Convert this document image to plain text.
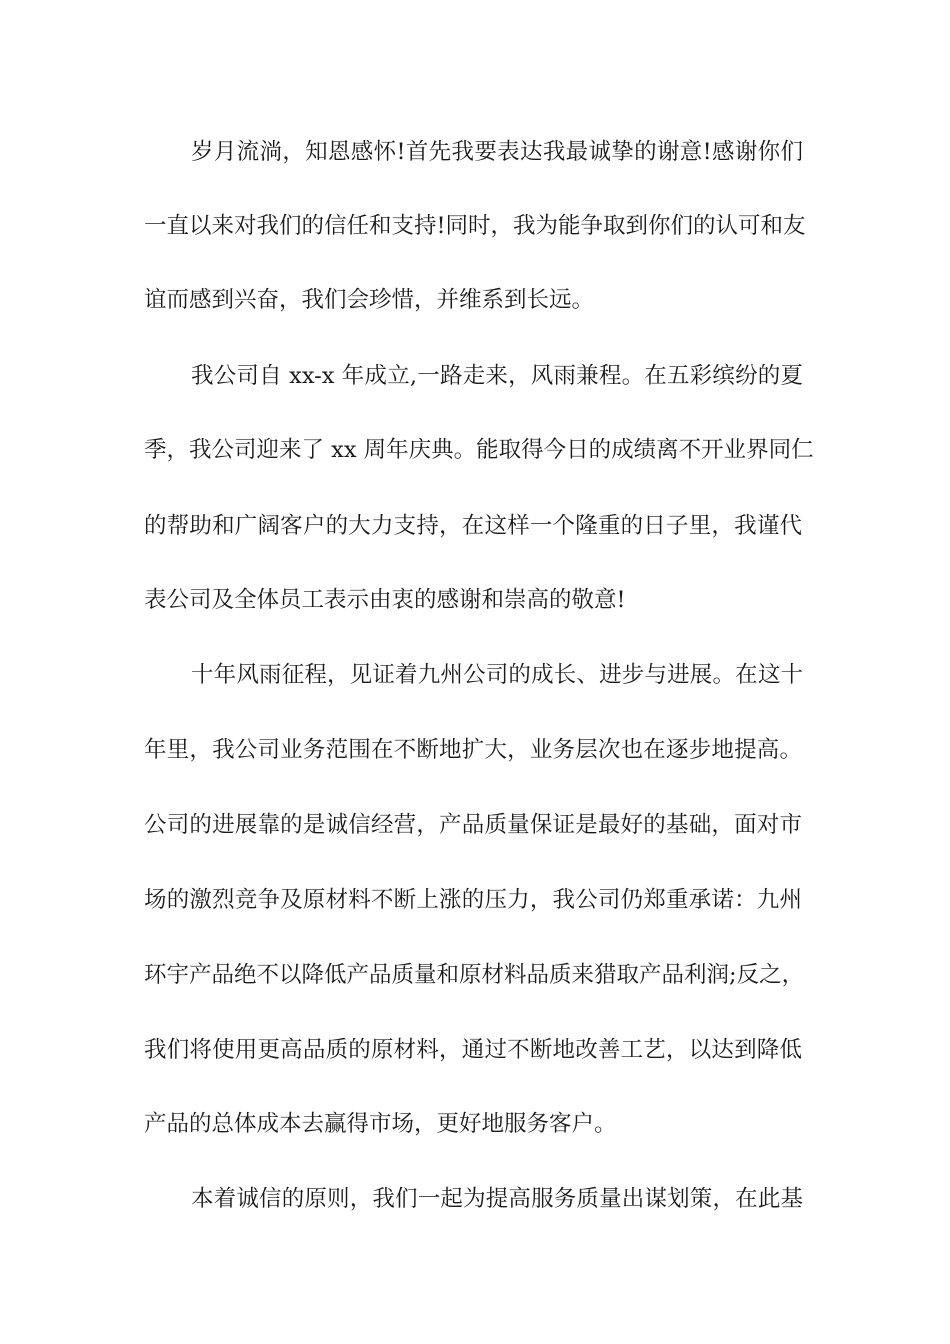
岁月流淌，知恩感怀!首先我要表达我最诚挚的谢意!感谢你们
一直以来对我们的信任和支持!同时，我为能争取到你们的认可和友
谊而感到兴奋，我们会珍惜，并维系到长远。
我公司自 xx-x 年成立,一路走来，风雨兼程。在五彩缤纷的夏
季，我公司迎来了 xx 周年庆典。能取得今日的成绩离不开业界同仁
的帮助和广阔客户的大力支持，在这样一个隆重的日子里，我谨代
表公司及全体员工表示由衷的感谢和崇高的敬意!
十年风雨征程，见证着九州公司的成长、进步与进展。在这十
年里，我公司业务范围在不断地扩大，业务层次也在逐步地提高。
公司的进展靠的是诚信经营，产品质量保证是最好的基础，面对市
场的激烈竞争及原材料不断上涨的压力，我公司仍郑重承诺：九州
环宇产品绝不以降低产品质量和原材料品质来猎取产品利润;反之，
我们将使用更高品质的原材料，通过不断地改善工艺，以达到降低
产品的总体成本去赢得市场，更好地服务客户。
本着诚信的原则，我们一起为提高服务质量出谋划策，在此基
